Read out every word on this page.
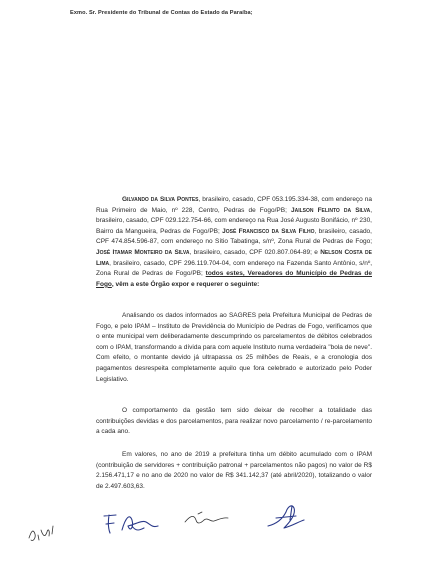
Exmo. Sr. Presidente do Tribunal de Contas do Estado da Paraíba;
Gilvando da Silva Pontes, brasileiro, casado, CPF 053.195.334-38, com endereço na Rua Primeiro de Maio, nº 228, Centro, Pedras de Fogo/PB; Jailson Felinto da Silva, brasileiro, casado, CPF 029.122.754-66, com endereço na Rua José Augusto Bonifácio, nº 230, Bairro da Mangueira, Pedras de Fogo/PB; José Francisco da Silva Filho, brasileiro, casado, CPF 474.854.596-87, com endereço no Sítio Tabatinga, s/nº, Zona Rural de Pedras de Fogo; José Itamar Monteiro da Silva, brasileiro, casado, CPF 020.807.064-89; e Nelson Costa de Lima, brasileiro, casado, CPF 296.119.704-04, com endereço na Fazenda Santo Antônio, s/nº, Zona Rural de Pedras de Fogo/PB; todos estes, Vereadores do Município de Pedras de Fogo, vêm a este Órgão expor e requerer o seguinte:
Analisando os dados informados ao SAGRES pela Prefeitura Municipal de Pedras de Fogo, e pelo IPAM – Instituto de Previdência do Município de Pedras de Fogo, verificamos que o ente municipal vem deliberadamente descumprindo os parcelamentos de débitos celebrados com o IPAM, transformando a dívida para com aquele Instituto numa verdadeira "bola de neve". Com efeito, o montante devido já ultrapassa os 25 milhões de Reais, e a cronologia dos pagamentos desrespeita completamente aquilo que fora celebrado e autorizado pelo Poder Legislativo.
O comportamento da gestão tem sido deixar de recolher a totalidade das contribuições devidas e dos parcelamentos, para realizar novo parcelamento / re-parcelamento a cada ano.
Em valores, no ano de 2019 a prefeitura tinha um débito acumulado com o IPAM (contribuição de servidores + contribuição patronal + parcelamentos não pagos) no valor de R$ 2.156.471,17 e no ano de 2020 no valor de R$ 341.142,37 (até abril/2020), totalizando o valor de 2.497.603,63.
